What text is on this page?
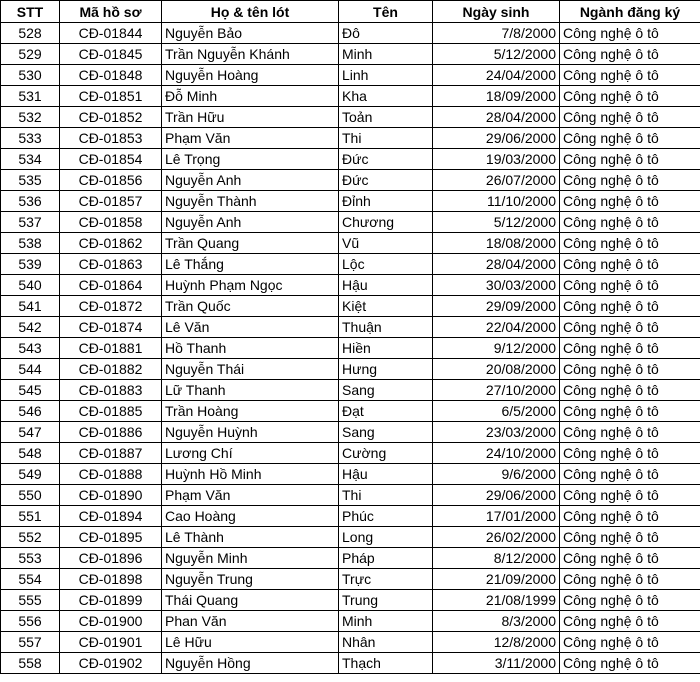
STT	Mã hồ sơ	Họ & tên lót	Tên	Ngày sinh	Ngành đăng ký
528	CĐ-01844	Nguyễn Bảo	Đô	7/8/2000	Công nghệ ô tô
529	CĐ-01845	Trần Nguyễn Khánh	Minh	5/12/2000	Công nghệ ô tô
530	CĐ-01848	Nguyễn Hoàng	Linh	24/04/2000	Công nghệ ô tô
531	CĐ-01851	Đỗ Minh	Kha	18/09/2000	Công nghệ ô tô
532	CĐ-01852	Trần Hữu	Toản	28/04/2000	Công nghệ ô tô
533	CĐ-01853	Phạm Văn	Thi	29/06/2000	Công nghệ ô tô
534	CĐ-01854	Lê Trọng	Đức	19/03/2000	Công nghệ ô tô
535	CĐ-01856	Nguyễn Anh	Đức	26/07/2000	Công nghệ ô tô
536	CĐ-01857	Nguyễn Thành	Đỉnh	11/10/2000	Công nghệ ô tô
537	CĐ-01858	Nguyễn Anh	Chương	5/12/2000	Công nghệ ô tô
538	CĐ-01862	Trần Quang	Vũ	18/08/2000	Công nghệ ô tô
539	CĐ-01863	Lê Thắng	Lộc	28/04/2000	Công nghệ ô tô
540	CĐ-01864	Huỳnh Phạm Ngọc	Hậu	30/03/2000	Công nghệ ô tô
541	CĐ-01872	Trần Quốc	Kiệt	29/09/2000	Công nghệ ô tô
542	CĐ-01874	Lê Văn	Thuận	22/04/2000	Công nghệ ô tô
543	CĐ-01881	Hồ Thanh	Hiền	9/12/2000	Công nghệ ô tô
544	CĐ-01882	Nguyễn Thái	Hưng	20/08/2000	Công nghệ ô tô
545	CĐ-01883	Lữ Thanh	Sang	27/10/2000	Công nghệ ô tô
546	CĐ-01885	Trần Hoàng	Đạt	6/5/2000	Công nghệ ô tô
547	CĐ-01886	Nguyễn Huỳnh	Sang	23/03/2000	Công nghệ ô tô
548	CĐ-01887	Lương Chí	Cường	24/10/2000	Công nghệ ô tô
549	CĐ-01888	Huỳnh Hồ Minh	Hậu	9/6/2000	Công nghệ ô tô
550	CĐ-01890	Phạm Văn	Thi	29/06/2000	Công nghệ ô tô
551	CĐ-01894	Cao Hoàng	Phúc	17/01/2000	Công nghệ ô tô
552	CĐ-01895	Lê Thành	Long	26/02/2000	Công nghệ ô tô
553	CĐ-01896	Nguyễn Minh	Pháp	8/12/2000	Công nghệ ô tô
554	CĐ-01898	Nguyễn Trung	Trực	21/09/2000	Công nghệ ô tô
555	CĐ-01899	Thái Quang	Trung	21/08/1999	Công nghệ ô tô
556	CĐ-01900	Phan Văn	Minh	8/3/2000	Công nghệ ô tô
557	CĐ-01901	Lê Hữu	Nhân	12/8/2000	Công nghệ ô tô
558	CĐ-01902	Nguyễn Hồng	Thạch	3/11/2000	Công nghệ ô tô
